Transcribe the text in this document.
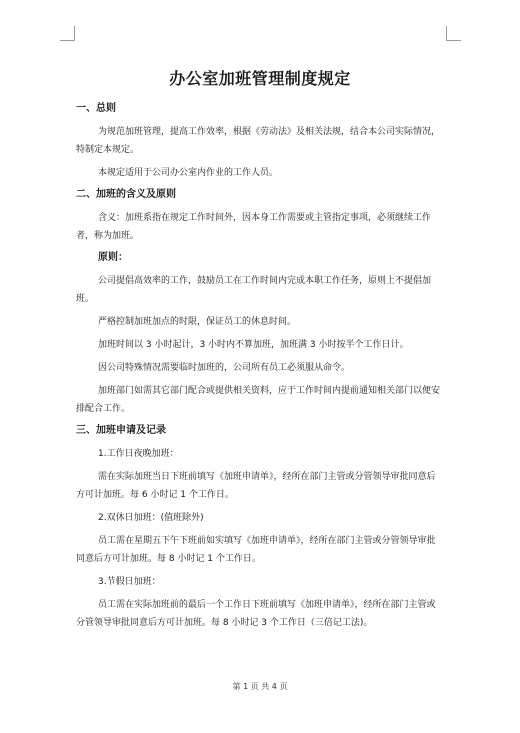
办公室加班管理制度规定
一、总则
为规范加班管理，提高工作效率，根据《劳动法》及相关法规，结合本公司实际情况，特制定本规定。
本规定适用于公司办公室内作业的工作人员。
二、加班的含义及原则
含义：加班系指在规定工作时间外，因本身工作需要或主管指定事项，必须继续工作者，称为加班。
原则：
公司提倡高效率的工作，鼓励员工在工作时间内完成本职工作任务，原则上不提倡加班。
严格控制加班加点的时限，保证员工的休息时间。
加班时间以 3 小时起计，3 小时内不算加班，加班满 3 小时按半个工作日计。
因公司特殊情况需要临时加班的，公司所有员工必须服从命令。
加班部门如需其它部门配合或提供相关资料，应于工作时间内提前通知相关部门以便安排配合工作。
三、加班申请及记录
1.工作日夜晚加班：
需在实际加班当日下班前填写《加班申请单》，经所在部门主管或分管领导审批同意后方可计加班。每 6 小时记 1 个工作日。
2.双休日加班：(值班除外)
员工需在星期五下午下班前如实填写《加班申请单》，经所在部门主管或分管领导审批同意后方可计加班。每 8 小时记 1 个工作日。
3.节假日加班：
员工需在实际加班前的最后一个工作日下班前填写《加班申请单》，经所在部门主管或分管领导审批同意后方可计加班。每 8 小时记 3 个工作日（三倍记工法)。
第 1 页 共 4 页
